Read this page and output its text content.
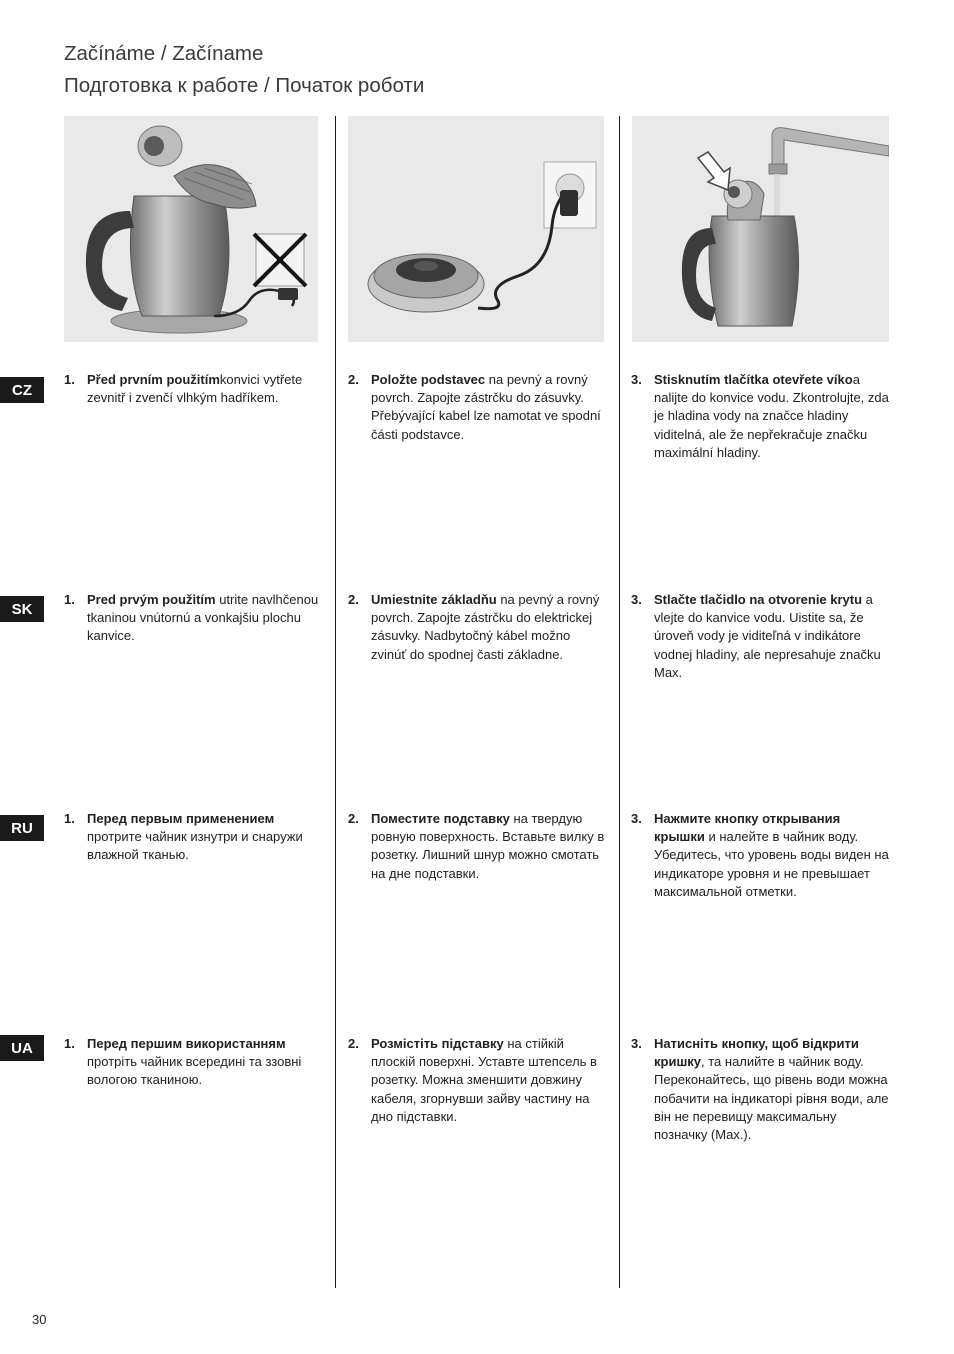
Začínáme / Začíname
Подготовка к работе / Початок роботи
CZ
SK
RU
UA
1. Před prvním použitímkonvici vytřete zevnitř i zvenčí vlhkým hadříkem.
2. Položte podstavec na pevný a rovný povrch. Zapojte zástrčku do zásuvky. Přebývající kabel lze namotat ve spodní části podstavce.
3. Stisknutím tlačítka otevřete víkoa nalijte do konvice vodu. Zkontrolujte, zda je hladina vody na značce hladiny viditelná, ale že nepřekračuje značku maximální hladiny.
1. Pred prvým použitím utrite navlhčenou tkaninou vnútornú a vonkajšiu plochu kanvice.
2. Umiestnite základňu na pevný a rovný povrch. Zapojte zástrčku do elektrickej zásuvky. Nadbytočný kábel možno zvinúť do spodnej časti základne.
3. Stlačte tlačidlo na otvorenie krytu a vlejte do kanvice vodu. Uistite sa, že úroveň vody je viditeľná v indikátore vodnej hladiny, ale nepresahuje značku Max.
1. Перед первым применением протрите чайник изнутри и снаружи влажной тканью.
2. Поместите подставку на твердую ровную поверхность. Вставьте вилку в розетку. Лишний шнур можно смотать на дне подставки.
3. Нажмите кнопку открывания крышки и налейте в чайник воду. Убедитесь, что уровень воды виден на индикаторе уровня и не превышает максимальной отметки.
1. Перед першим використанням протріть чайник всередині та ззовні вологою тканиною.
2. Розмістіть підставку на стійкій плоскій поверхні. Уставте штепсель в розетку. Можна зменшити довжину кабеля, згорнувши зайву частину на дно підставки.
3. Натисніть кнопку, щоб відкрити кришку, та налийте в чайник воду. Переконайтесь, що рівень води можна побачити на індикаторі рівня води, але він не перевищу максимальну позначку (Max.).
30
